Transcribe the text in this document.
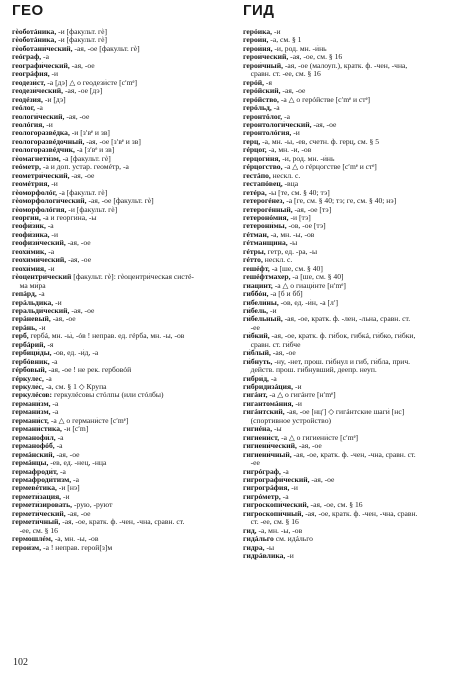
ГЕО	ГИД
гѐоботáника, -и [факульт. гѐ]
гѐоботáника, -и [факульт. гѐ]
гѐоботани́ческий, -ая, -ое [факульт. гѐ]
геóграф, -а
географи́ческий, -ая, -ое
геогрáфия, -и
геодези́ст, -а [дэ] △ о геодези́сте [сʹmᵉ]
геодези́ческий, -ая, -ое [дэ]
геодéзия, -и [дэ]
геóлог, -а
геологи́ческий, -ая, -ое
геолóгия, -и
геологоразвéдка, -и [зʹвᵉ и зв]
геологоразвéдочный, -ая, -ое [зʹвᵉ и зв]
геологоразвéдчик, -а [зʹвᵉ и зв]
гѐомагнети́зм, -а [факульт. гѐ]
геóметр, -а и доп. устар. геомéтр, -а
геометри́ческий, -ая, -ое
геомéтрия, -и
гѐоморфолóг, -а [факульт. гѐ]
гѐоморфологи́ческий, -ая, -ое [факульт. гѐ]
гѐоморфолóгия, -и [факульт. гѐ]
георги́н, -а и георги́на, -ы
геофи́зик, -а
геофи́зика, -и
геофизи́ческий, -ая, -ое
геохи́мик, -а
геохими́ческий, -ая, -ое
геохи́мия, -и
гѐоцентри́ческий [факульт. гѐ]: гѐоцентри́ческая систé-
ма ми́ра
гепáрд, -а
герáльдика, -и
геральди́ческий, -ая, -ое
герáневый, -ая, -ое
герáнь, -и
герб, гербá, мн. -ы́, -óв ! неправ. ед. гéрба, мн. -ы, -ов
гербáрий, -я
гербици́ды, -ов, ед. -и́д, -а
гербóвник, -а
гéрбовый, -ая, -ое ! не рек. гербовóй
гéркулес, -а
геркуле́с, -а, см. § 1 ◇ Крупа
геркулéсов: геркулéсовы стóлпы (или стóлбы)
германи́зм, -а
германи́зм, -а
германи́ст, -а △ о германи́сте [сʹmᵉ]
германи́стика, -и [сʹm]
германофи́л, -а
германофóб, -а
гермáнский, -ая, -ое
гермáнцы, -ев, ед. -нец, -нца
гермафроди́т, -а
гермафроди́тизм, -а
гермевéтика, -и [нэ]
гермети́зация, -и
гермети́зировать, -рую, -руют
гермети́ческий, -ая, -ое
гермети́чный, -ая, -ое, кратк. ф. -чен, -чна, сравн. ст.
-ее, см. § 16
гермошлéм, -а, мн. -ы, -ов
герои́зм, -а ! неправ. герой[з]м
герóика, -и
герои́н, -а, см. § 1
герои́ня, -и, род. мн. -и́нь
герои́ческий, -ая, -ое, см. § 16
герои́чный, -ая, -ое (малоуп.), кратк. ф. -чен, -чна,
сравн. ст. -ее, см. § 16
герóй, -я
герóйский, -ая, -ое
герóйство, -а △ о герóйстве [сʹmᵉ и стᵉ]
герóльд, -а
геронтóлог, -а
геронтологи́ческий, -ая, -ое
геронтолóгия, -и
герц, -а, мн. -ы, -ев, счетн. ф. герц, см. § 5
гéрцог, -а, мн. -и, -ов
герцоги́ня, -и, род. мн. -и́нь
гéрцогство, -а △ о гéрцогстве [сʹmᵉ и стᵉ]
гестáпо, нескл. с.
гестапóвец, -вца
гетéра, -ы [те, см. § 40; тэ]
гетерогéнез, -а [ге, см. § 40; тэ; ге, см. § 40; нэ]
гетерогéнный, -ая, -ое [тэ]
гетеронóмия, -и [тэ]
гетерони́мы, -ов, -ое [тэ]
гéтман, -а, мн. -ы, -ов
гéтманщина, -ы
гéтры, гетр, ед. -ра, -ы
гéтто, нескл. с.
гешéфт, -а [ше, см. § 40]
гешéфтмахер, -а [ше, см. § 40]
гиацинт, -а △ о гиаци́нте [нʹmᵉ]
гиббóн, -а [б и бб]
гибели́ны, -ов, ед. -и́н, -а [лʹ]
ги́бель, -и
ги́бельный, -ая, -ое, кратк. ф. -лен, -льна, сравн. ст.
-ее
ги́бкий, -ая, -ое, кратк. ф. ги́бок, гибкá, ги́бко, ги́бки,
сравн. ст. ги́бче
ги́блый, -ая, -ое
ги́бнуть, -ну, -нет, прош. ги́бнул и гиб, ги́бла, прич.
действ. прош. ги́бнувший, деепр. неуп.
гибри́д, -а
гибридизáция, -и
гигáнт, -а △ о гигáнте [нʹmᵉ]
гигантомáния, -и
гигáнтский, -ая, -ое [нцʹ] ◇ гигáнтские шаги́ [нс]
(спортивное устройство)
гигиéна, -ы
гигиени́ст, -а △ о гигиени́сте [сʹmᵉ]
гигиени́ческий, -ая, -ое
гигиени́чный, -ая, -ое, кратк. ф. -чен, -чна, сравн. ст.
-ее
гигрóграф, -а
гигрографи́ческий, -ая, -ое
гигрогрáфия, -и
гигрóметр, -а
гигроскопи́ческий, -ая, -ое, см. § 16
гигроскопи́чный, -ая, -ое, кратк. ф. -чен, -чна, сравн.
ст. -ее, см. § 16
гид, -а, мн. -ы, -ов
гидáльго см. идáльго
гидра, -ы
гидрáвлика, -и
102
